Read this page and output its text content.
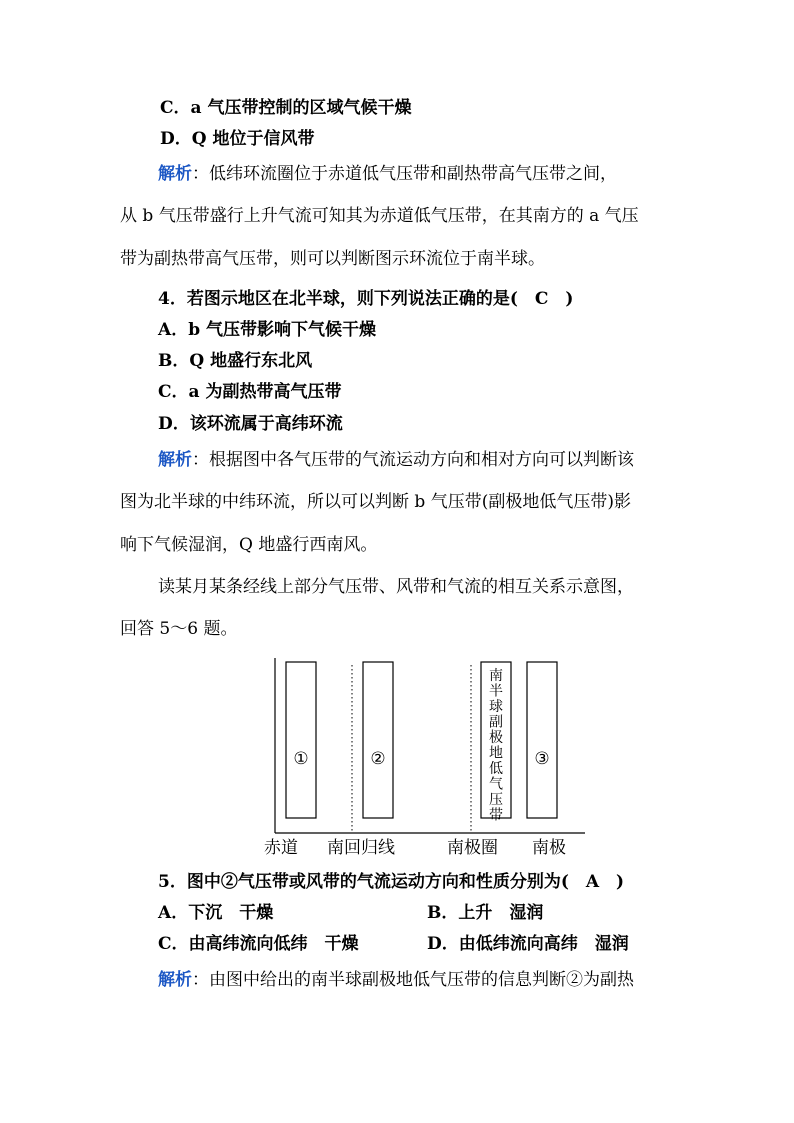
C．a 气压带控制的区域气候干燥
D．Q 地位于信风带
解析：低纬环流圈位于赤道低气压带和副热带高气压带之间，
从 b 气压带盛行上升气流可知其为赤道低气压带，在其南方的 a 气压
带为副热带高气压带，则可以判断图示环流位于南半球。
4．若图示地区在北半球，则下列说法正确的是(　C　)
A．b 气压带影响下气候干燥
B．Q 地盛行东北风
C．a 为副热带高气压带
D．该环流属于高纬环流
解析：根据图中各气压带的气流运动方向和相对方向可以判断该
图为北半球的中纬环流，所以可以判断 b 气压带(副极地低气压带)影
响下气候湿润，Q 地盛行西南风。
读某月某条经线上部分气压带、风带和气流的相互关系示意图，
回答 5～6 题。
①	②	③
南
半
球
副
极
地
低
气
压
带
赤道 南回归线	南极圈 南极
5．图中②气压带或风带的气流运动方向和性质分别为(　A　)
A．下沉　干燥	B．上升　湿润
C．由高纬流向低纬　干燥	D．由低纬流向高纬　湿润
解析：由图中给出的南半球副极地低气压带的信息判断②为副热
